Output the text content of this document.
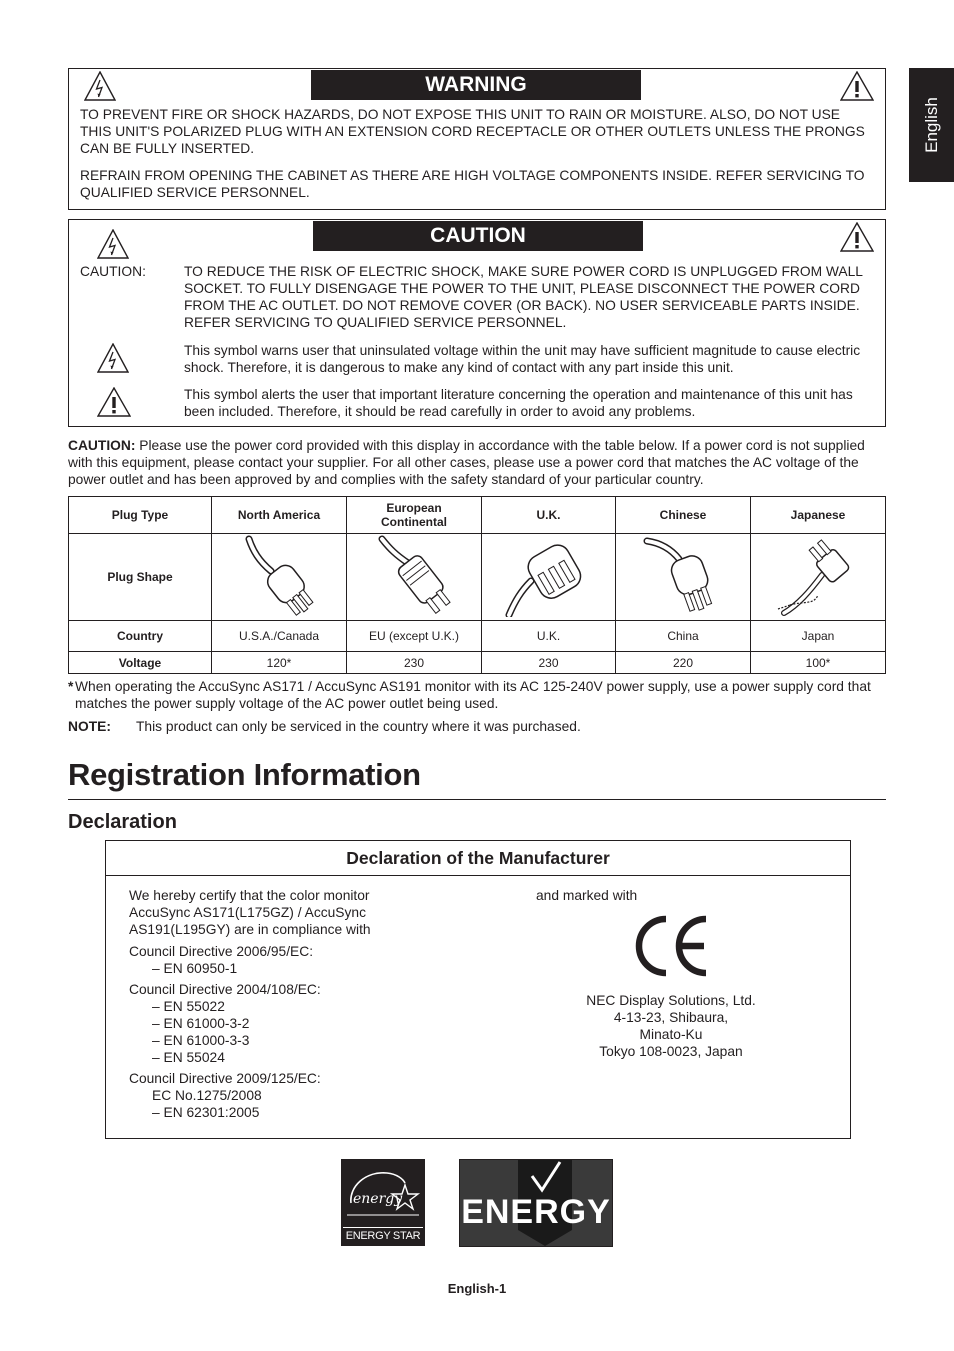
English
WARNING
TO PREVENT FIRE OR SHOCK HAZARDS, DO NOT EXPOSE THIS UNIT TO RAIN OR MOISTURE. ALSO, DO NOT USE THIS UNIT'S POLARIZED PLUG WITH AN EXTENSION CORD RECEPTACLE OR OTHER OUTLETS UNLESS THE PRONGS CAN BE FULLY INSERTED.
REFRAIN FROM OPENING THE CABINET AS THERE ARE HIGH VOLTAGE COMPONENTS INSIDE. REFER SERVICING TO QUALIFIED SERVICE PERSONNEL.
CAUTION
CAUTION:	TO REDUCE THE RISK OF ELECTRIC SHOCK, MAKE SURE POWER CORD IS UNPLUGGED FROM WALL SOCKET. TO FULLY DISENGAGE THE POWER TO THE UNIT, PLEASE DISCONNECT THE POWER CORD FROM THE AC OUTLET. DO NOT REMOVE COVER (OR BACK). NO USER SERVICEABLE PARTS INSIDE. REFER SERVICING TO QUALIFIED SERVICE PERSONNEL.
This symbol warns user that uninsulated voltage within the unit may have sufficient magnitude to cause electric shock. Therefore, it is dangerous to make any kind of contact with any part inside this unit.
This symbol alerts the user that important literature concerning the operation and maintenance of this unit has been included. Therefore, it should be read carefully in order to avoid any problems.
CAUTION: Please use the power cord provided with this display in accordance with the table below. If a power cord is not supplied with this equipment, please contact your supplier. For all other cases, please use a power cord that matches the AC voltage of the power outlet and has been approved by and complies with the safety standard of your particular country.
Plug Type	North America	European Continental	U.K.	Chinese	Japanese
Plug Shape					
Country	U.S.A./Canada	EU (except U.K.)	U.K.	China	Japan
Voltage	120*	230	230	220	100*
* When operating the AccuSync AS171 / AccuSync AS191 monitor with its AC 125-240V power supply, use a power supply cord that matches the power supply voltage of the AC power outlet being used.
NOTE: This product can only be serviced in the country where it was purchased.
Registration Information
Declaration
Declaration of the Manufacturer
We hereby certify that the color monitor AccuSync AS171(L175GZ) / AccuSync AS191(L195GY) are in compliance with
Council Directive 2006/95/EC:
– EN 60950-1
Council Directive 2004/108/EC:
– EN 55022
– EN 61000-3-2
– EN 61000-3-3
– EN 55024
Council Directive 2009/125/EC:
EC No.1275/2008
– EN 62301:2005
and marked with
NEC Display Solutions, Ltd.
4-13-23, Shibaura,
Minato-Ku
Tokyo 108-0023, Japan
energy
ENERGY STAR
ENERGY
English-1
